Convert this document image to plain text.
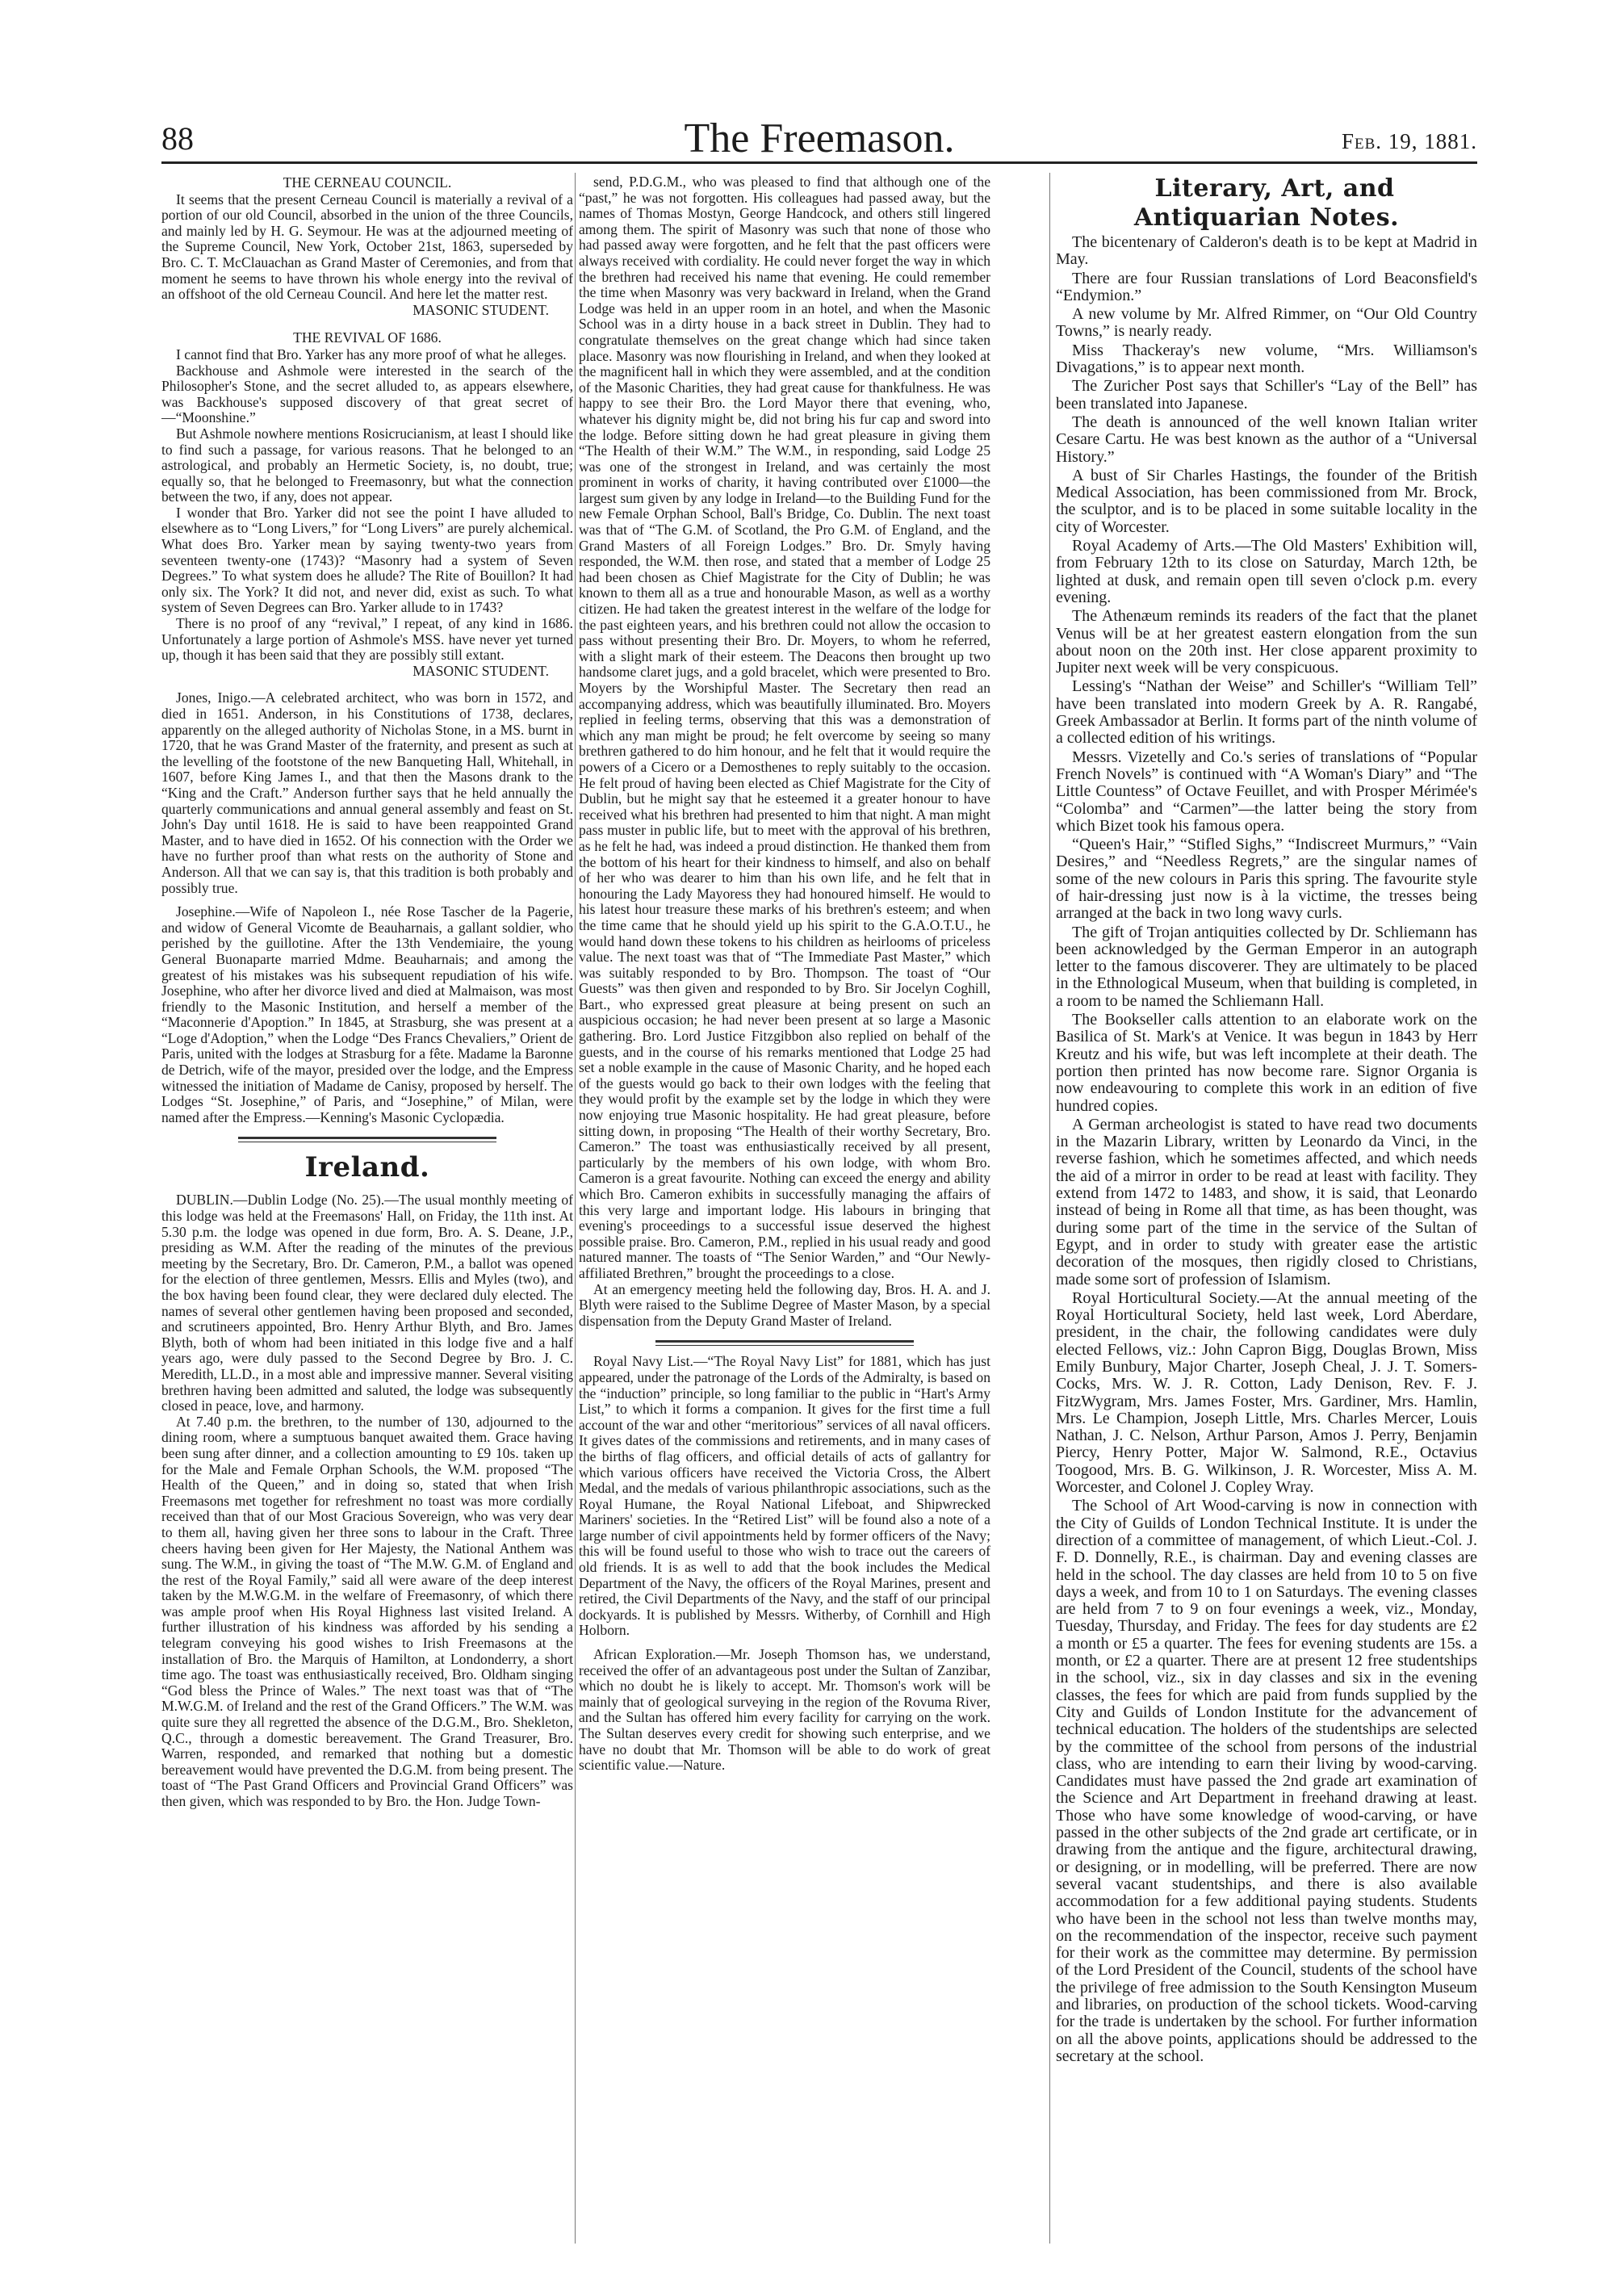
88	The Freemason.	Feb. 19, 1881.

THE CERNEAU COUNCIL.

It seems that the present Cerneau Council is materially a revival of a portion of our old Council, absorbed in the union of the three Councils, and mainly led by H. G. Seymour. He was at the adjourned meeting of the Supreme Council, New York, October 21st, 1863, superseded by Bro. C. T. McClauachan as Grand Master of Ceremonies, and from that moment he seems to have thrown his whole energy into the revival of an offshoot of the old Cerneau Council. And here let the matter rest.

MASONIC STUDENT.

THE REVIVAL OF 1686.

I cannot find that Bro. Yarker has any more proof of what he alleges.

Backhouse and Ashmole were interested in the search of the Philosopher's Stone, and the secret alluded to, as appears elsewhere, was Backhouse's supposed discovery of that great secret of—“Moonshine.”

But Ashmole nowhere mentions Rosicrucianism, at least I should like to find such a passage, for various reasons. That he belonged to an astrological, and probably an Hermetic Society, is, no doubt, true; equally so, that he belonged to Freemasonry, but what the connection between the two, if any, does not appear.

I wonder that Bro. Yarker did not see the point I have alluded to elsewhere as to “Long Livers,” for “Long Livers” are purely alchemical. What does Bro. Yarker mean by saying twenty-two years from seventeen twenty-one (1743)? “Masonry had a system of Seven Degrees.” To what system does he allude? The Rite of Bouillon? It had only six. The York? It did not, and never did, exist as such. To what system of Seven Degrees can Bro. Yarker allude to in 1743?

There is no proof of any “revival,” I repeat, of any kind in 1686. Unfortunately a large portion of Ashmole's MSS. have never yet turned up, though it has been said that they are possibly still extant.

MASONIC STUDENT.

Jones, Inigo.—A celebrated architect, who was born in 1572, and died in 1651. Anderson, in his Constitutions of 1738, declares, apparently on the alleged authority of Nicholas Stone, in a MS. burnt in 1720, that he was Grand Master of the fraternity, and present as such at the levelling of the footstone of the new Banqueting Hall, Whitehall, in 1607, before King James I., and that then the Masons drank to the “King and the Craft.” Anderson further says that he held annually the quarterly communications and annual general assembly and feast on St. John's Day until 1618. He is said to have been reappointed Grand Master, and to have died in 1652. Of his connection with the Order we have no further proof than what rests on the authority of Stone and Anderson. All that we can say is, that this tradition is both probably and possibly true.

Josephine.—Wife of Napoleon I., née Rose Tascher de la Pagerie, and widow of General Vicomte de Beauharnais, a gallant soldier, who perished by the guillotine. After the 13th Vendemiaire, the young General Buonaparte married Mdme. Beauharnais; and among the greatest of his mistakes was his subsequent repudiation of his wife. Josephine, who after her divorce lived and died at Malmaison, was most friendly to the Masonic Institution, and herself a member of the “Maconnerie d'Apoption.” In 1845, at Strasburg, she was present at a “Loge d'Adoption,” when the Lodge “Des Francs Chevaliers,” Orient de Paris, united with the lodges at Strasburg for a fête. Madame la Baronne de Detrich, wife of the mayor, presided over the lodge, and the Empress witnessed the initiation of Madame de Canisy, proposed by herself. The Lodges “St. Josephine,” of Paris, and “Josephine,” of Milan, were named after the Empress.—Kenning's Masonic Cyclopædia.

Ireland.

DUBLIN.—Dublin Lodge (No. 25).—The usual monthly meeting of this lodge was held at the Freemasons' Hall, on Friday, the 11th inst. At 5.30 p.m. the lodge was opened in due form, Bro. A. S. Deane, J.P., presiding as W.M. After the reading of the minutes of the previous meeting by the Secretary, Bro. Dr. Cameron, P.M., a ballot was opened for the election of three gentlemen, Messrs. Ellis and Myles (two), and the box having been found clear, they were declared duly elected. The names of several other gentlemen having been proposed and seconded, and scrutineers appointed, Bro. Henry Arthur Blyth, and Bro. James Blyth, both of whom had been initiated in this lodge five and a half years ago, were duly passed to the Second Degree by Bro. J. C. Meredith, LL.D., in a most able and impressive manner. Several visiting brethren having been admitted and saluted, the lodge was subsequently closed in peace, love, and harmony.

At 7.40 p.m. the brethren, to the number of 130, adjourned to the dining room, where a sumptuous banquet awaited them. Grace having been sung after dinner, and a collection amounting to £9 10s. taken up for the Male and Female Orphan Schools, the W.M. proposed “The Health of the Queen,” and in doing so, stated that when Irish Freemasons met together for refreshment no toast was more cordially received than that of our Most Gracious Sovereign, who was very dear to them all, having given her three sons to labour in the Craft. Three cheers having been given for Her Majesty, the National Anthem was sung. The W.M., in giving the toast of “The M.W. G.M. of England and the rest of the Royal Family,” said all were aware of the deep interest taken by the M.W.G.M. in the welfare of Freemasonry, of which there was ample proof when His Royal Highness last visited Ireland. A further illustration of his kindness was afforded by his sending a telegram conveying his good wishes to Irish Freemasons at the installation of Bro. the Marquis of Hamilton, at Londonderry, a short time ago. The toast was enthusiastically received, Bro. Oldham singing “God bless the Prince of Wales.” The next toast was that of “The M.W.G.M. of Ireland and the rest of the Grand Officers.” The W.M. was quite sure they all regretted the absence of the D.G.M., Bro. Shekleton, Q.C., through a domestic bereavement. The Grand Treasurer, Bro. Warren, responded, and remarked that nothing but a domestic bereavement would have prevented the D.G.M. from being present. The toast of “The Past Grand Officers and Provincial Grand Officers” was then given, which was responded to by Bro. the Hon. Judge Town-

send, P.D.G.M., who was pleased to find that although one of the “past,” he was not forgotten. His colleagues had passed away, but the names of Thomas Mostyn, George Handcock, and others still lingered among them. The spirit of Masonry was such that none of those who had passed away were forgotten, and he felt that the past officers were always received with cordiality. He could never forget the way in which the brethren had received his name that evening. He could remember the time when Masonry was very backward in Ireland, when the Grand Lodge was held in an upper room in an hotel, and when the Masonic School was in a dirty house in a back street in Dublin. They had to congratulate themselves on the great change which had since taken place. Masonry was now flourishing in Ireland, and when they looked at the magnificent hall in which they were assembled, and at the condition of the Masonic Charities, they had great cause for thankfulness. He was happy to see their Bro. the Lord Mayor there that evening, who, whatever his dignity might be, did not bring his fur cap and sword into the lodge. Before sitting down he had great pleasure in giving them “The Health of their W.M.” The W.M., in responding, said Lodge 25 was one of the strongest in Ireland, and was certainly the most prominent in works of charity, it having contributed over £1000—the largest sum given by any lodge in Ireland—to the Building Fund for the new Female Orphan School, Ball's Bridge, Co. Dublin. The next toast was that of “The G.M. of Scotland, the Pro G.M. of England, and the Grand Masters of all Foreign Lodges.” Bro. Dr. Smyly having responded, the W.M. then rose, and stated that a member of Lodge 25 had been chosen as Chief Magistrate for the City of Dublin; he was known to them all as a true and honourable Mason, as well as a worthy citizen. He had taken the greatest interest in the welfare of the lodge for the past eighteen years, and his brethren could not allow the occasion to pass without presenting their Bro. Dr. Moyers, to whom he referred, with a slight mark of their esteem. The Deacons then brought up two handsome claret jugs, and a gold bracelet, which were presented to Bro. Moyers by the Worshipful Master. The Secretary then read an accompanying address, which was beautifully illuminated. Bro. Moyers replied in feeling terms, observing that this was a demonstration of which any man might be proud; he felt overcome by seeing so many brethren gathered to do him honour, and he felt that it would require the powers of a Cicero or a Demosthenes to reply suitably to the occasion. He felt proud of having been elected as Chief Magistrate for the City of Dublin, but he might say that he esteemed it a greater honour to have received what his brethren had presented to him that night. A man might pass muster in public life, but to meet with the approval of his brethren, as he felt he had, was indeed a proud distinction. He thanked them from the bottom of his heart for their kindness to himself, and also on behalf of her who was dearer to him than his own life, and he felt that in honouring the Lady Mayoress they had honoured himself. He would to his latest hour treasure these marks of his brethren's esteem; and when the time came that he should yield up his spirit to the G.A.O.T.U., he would hand down these tokens to his children as heirlooms of priceless value. The next toast was that of “The Immediate Past Master,” which was suitably responded to by Bro. Thompson. The toast of “Our Guests” was then given and responded to by Bro. Sir Jocelyn Coghill, Bart., who expressed great pleasure at being present on such an auspicious occasion; he had never been present at so large a Masonic gathering. Bro. Lord Justice Fitzgibbon also replied on behalf of the guests, and in the course of his remarks mentioned that Lodge 25 had set a noble example in the cause of Masonic Charity, and he hoped each of the guests would go back to their own lodges with the feeling that they would profit by the example set by the lodge in which they were now enjoying true Masonic hospitality. He had great pleasure, before sitting down, in proposing “The Health of their worthy Secretary, Bro. Cameron.” The toast was enthusiastically received by all present, particularly by the members of his own lodge, with whom Bro. Cameron is a great favourite. Nothing can exceed the energy and ability which Bro. Cameron exhibits in successfully managing the affairs of this very large and important lodge. His labours in bringing that evening's proceedings to a successful issue deserved the highest possible praise. Bro. Cameron, P.M., replied in his usual ready and good natured manner. The toasts of “The Senior Warden,” and “Our Newly-affiliated Brethren,” brought the proceedings to a close.

At an emergency meeting held the following day, Bros. H. A. and J. Blyth were raised to the Sublime Degree of Master Mason, by a special dispensation from the Deputy Grand Master of Ireland.

Royal Navy List.—“The Royal Navy List” for 1881, which has just appeared, under the patronage of the Lords of the Admiralty, is based on the “induction” principle, so long familiar to the public in “Hart's Army List,” to which it forms a companion. It gives for the first time a full account of the war and other “meritorious” services of all naval officers. It gives dates of the commissions and retirements, and in many cases of the births of flag officers, and official details of acts of gallantry for which various officers have received the Victoria Cross, the Albert Medal, and the medals of various philanthropic associations, such as the Royal Humane, the Royal National Lifeboat, and Shipwrecked Mariners' societies. In the “Retired List” will be found also a note of a large number of civil appointments held by former officers of the Navy; this will be found useful to those who wish to trace out the careers of old friends. It is as well to add that the book includes the Medical Department of the Navy, the officers of the Royal Marines, present and retired, the Civil Departments of the Navy, and the staff of our principal dockyards. It is published by Messrs. Witherby, of Cornhill and High Holborn.

African Exploration.—Mr. Joseph Thomson has, we understand, received the offer of an advantageous post under the Sultan of Zanzibar, which no doubt he is likely to accept. Mr. Thomson's work will be mainly that of geological surveying in the region of the Rovuma River, and the Sultan has offered him every facility for carrying on the work. The Sultan deserves every credit for showing such enterprise, and we have no doubt that Mr. Thomson will be able to do work of great scientific value.—Nature.

Literary, Art, and Antiquarian Notes.

The bicentenary of Calderon's death is to be kept at Madrid in May.

There are four Russian translations of Lord Beaconsfield's “Endymion.”

A new volume by Mr. Alfred Rimmer, on “Our Old Country Towns,” is nearly ready.

Miss Thackeray's new volume, “Mrs. Williamson's Divagations,” is to appear next month.

The Zuricher Post says that Schiller's “Lay of the Bell” has been translated into Japanese.

The death is announced of the well known Italian writer Cesare Cartu. He was best known as the author of a “Universal History.”

A bust of Sir Charles Hastings, the founder of the British Medical Association, has been commissioned from Mr. Brock, the sculptor, and is to be placed in some suitable locality in the city of Worcester.

Royal Academy of Arts.—The Old Masters' Exhibition will, from February 12th to its close on Saturday, March 12th, be lighted at dusk, and remain open till seven o'clock p.m. every evening.

The Athenæum reminds its readers of the fact that the planet Venus will be at her greatest eastern elongation from the sun about noon on the 20th inst. Her close apparent proximity to Jupiter next week will be very conspicuous.

Lessing's “Nathan der Weise” and Schiller's “William Tell” have been translated into modern Greek by A. R. Rangabé, Greek Ambassador at Berlin. It forms part of the ninth volume of a collected edition of his writings.

Messrs. Vizetelly and Co.'s series of translations of “Popular French Novels” is continued with “A Woman's Diary” and “The Little Countess” of Octave Feuillet, and with Prosper Mérimée's “Colomba” and “Carmen”—the latter being the story from which Bizet took his famous opera.

“Queen's Hair,” “Stifled Sighs,” “Indiscreet Murmurs,” “Vain Desires,” and “Needless Regrets,” are the singular names of some of the new colours in Paris this spring. The favourite style of hair-dressing just now is à la victime, the tresses being arranged at the back in two long wavy curls.

The gift of Trojan antiquities collected by Dr. Schliemann has been acknowledged by the German Emperor in an autograph letter to the famous discoverer. They are ultimately to be placed in the Ethnological Museum, when that building is completed, in a room to be named the Schliemann Hall.

The Bookseller calls attention to an elaborate work on the Basilica of St. Mark's at Venice. It was begun in 1843 by Herr Kreutz and his wife, but was left incomplete at their death. The portion then printed has now become rare. Signor Organia is now endeavouring to complete this work in an edition of five hundred copies.

A German archeologist is stated to have read two documents in the Mazarin Library, written by Leonardo da Vinci, in the reverse fashion, which he sometimes affected, and which needs the aid of a mirror in order to be read at least with facility. They extend from 1472 to 1483, and show, it is said, that Leonardo instead of being in Rome all that time, as has been thought, was during some part of the time in the service of the Sultan of Egypt, and in order to study with greater ease the artistic decoration of the mosques, then rigidly closed to Christians, made some sort of profession of Islamism.

Royal Horticultural Society.—At the annual meeting of the Royal Horticultural Society, held last week, Lord Aberdare, president, in the chair, the following candidates were duly elected Fellows, viz.: John Capron Bigg, Douglas Brown, Miss Emily Bunbury, Major Charter, Joseph Cheal, J. J. T. Somers-Cocks, Mrs. W. J. R. Cotton, Lady Denison, Rev. F. J. FitzWygram, Mrs. James Foster, Mrs. Gardiner, Mrs. Hamlin, Mrs. Le Champion, Joseph Little, Mrs. Charles Mercer, Louis Nathan, J. C. Nelson, Arthur Parson, Amos J. Perry, Benjamin Piercy, Henry Potter, Major W. Salmond, R.E., Octavius Toogood, Mrs. B. G. Wilkinson, J. R. Worcester, Miss A. M. Worcester, and Colonel J. Copley Wray.

The School of Art Wood-carving is now in connection with the City of Guilds of London Technical Institute. It is under the direction of a committee of management, of which Lieut.-Col. J. F. D. Donnelly, R.E., is chairman. Day and evening classes are held in the school. The day classes are held from 10 to 5 on five days a week, and from 10 to 1 on Saturdays. The evening classes are held from 7 to 9 on four evenings a week, viz., Monday, Tuesday, Thursday, and Friday. The fees for day students are £2 a month or £5 a quarter. The fees for evening students are 15s. a month, or £2 a quarter. There are at present 12 free studentships in the school, viz., six in day classes and six in the evening classes, the fees for which are paid from funds supplied by the City and Guilds of London Institute for the advancement of technical education. The holders of the studentships are selected by the committee of the school from persons of the industrial class, who are intending to earn their living by wood-carving. Candidates must have passed the 2nd grade art examination of the Science and Art Department in freehand drawing at least. Those who have some knowledge of wood-carving, or have passed in the other subjects of the 2nd grade art certificate, or in drawing from the antique and the figure, architectural drawing, or designing, or in modelling, will be preferred. There are now several vacant studentships, and there is also available accommodation for a few additional paying students. Students who have been in the school not less than twelve months may, on the recommendation of the inspector, receive such payment for their work as the committee may determine. By permission of the Lord President of the Council, students of the school have the privilege of free admission to the South Kensington Museum and libraries, on production of the school tickets. Wood-carving for the trade is undertaken by the school. For further information on all the above points, applications should be addressed to the secretary at the school.
